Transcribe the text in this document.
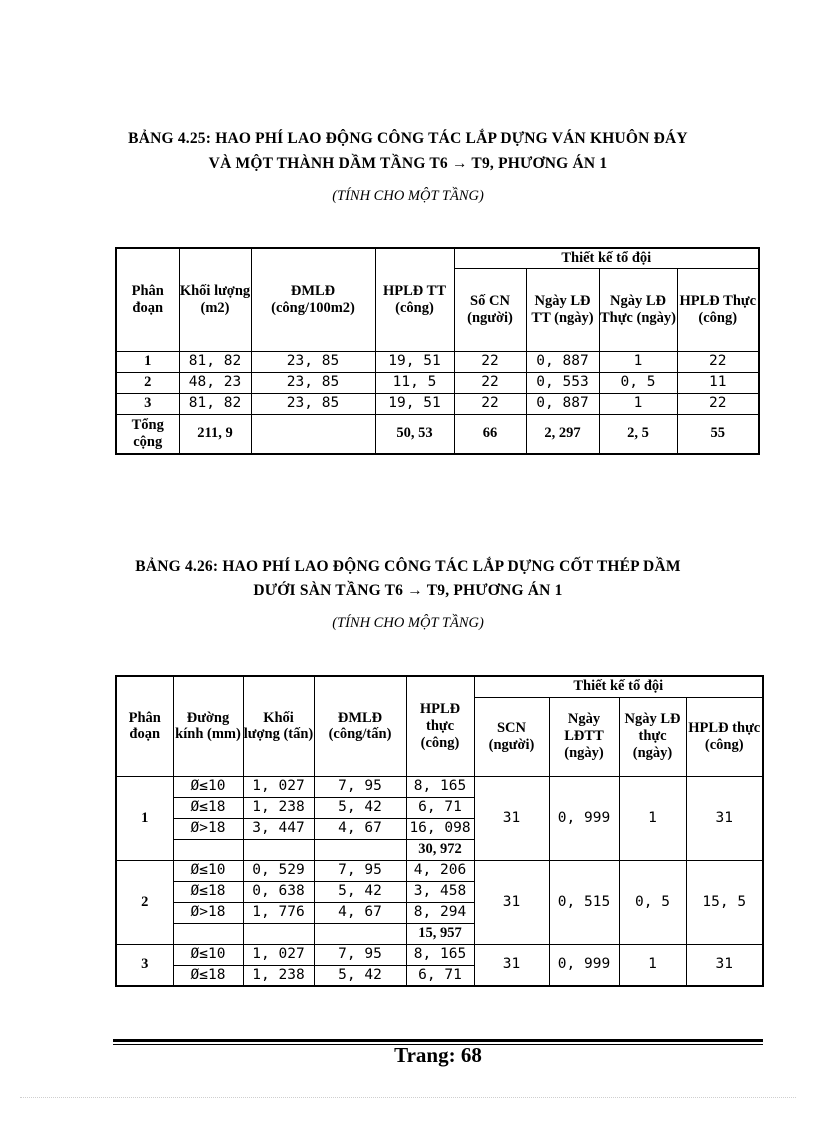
BẢNG 4.25: HAO PHÍ LAO ĐỘNG CÔNG TÁC LẮP DỰNG VÁN KHUÔN ĐÁY
VÀ MỘT THÀNH DẦM TẦNG T6 → T9, PHƯƠNG ÁN 1
(TÍNH CHO MỘT TẦNG)
Phân đoạn	Khối lượng (m2)	ĐMLĐ (công/100m2)	HPLĐ TT (công)	Thiết kế tổ đội			
				Số CN (người)	Ngày LĐ TT (ngày)	Ngày LĐ Thực (ngày)	HPLĐ Thực (công)
1	81, 82	23, 85	19, 51	22	0, 887	1	22
2	48, 23	23, 85	11, 5	22	0, 553	0, 5	11
3	81, 82	23, 85	19, 51	22	0, 887	1	22
Tổng cộng	211, 9		50, 53	66	2, 297	2, 5	55
BẢNG 4.26: HAO PHÍ LAO ĐỘNG CÔNG TÁC LẮP DỰNG CỐT THÉP DẦM
DƯỚI SÀN TẦNG T6 → T9, PHƯƠNG ÁN 1
(TÍNH CHO MỘT TẦNG)
Phân đoạn	Đường kính (mm)	Khối lượng (tấn)	ĐMLĐ (công/tấn)	HPLĐ thực (công)	Thiết kế tổ đội			
					SCN (người)	Ngày LĐTT (ngày)	Ngày LĐ thực (ngày)	HPLĐ thực (công)
1	Ø≤10	1, 027	7, 95	8, 165	31	0, 999	1	31
	Ø≤18	1, 238	5, 42	6, 71				
	Ø>18	3, 447	4, 67	16, 098				
				30, 972				
2	Ø≤10	0, 529	7, 95	4, 206	31	0, 515	0, 5	15, 5
	Ø≤18	0, 638	5, 42	3, 458				
	Ø>18	1, 776	4, 67	8, 294				
				15, 957				
3	Ø≤10	1, 027	7, 95	8, 165	31	0, 999	1	31
	Ø≤18	1, 238	5, 42	6, 71				
Trang: 68
